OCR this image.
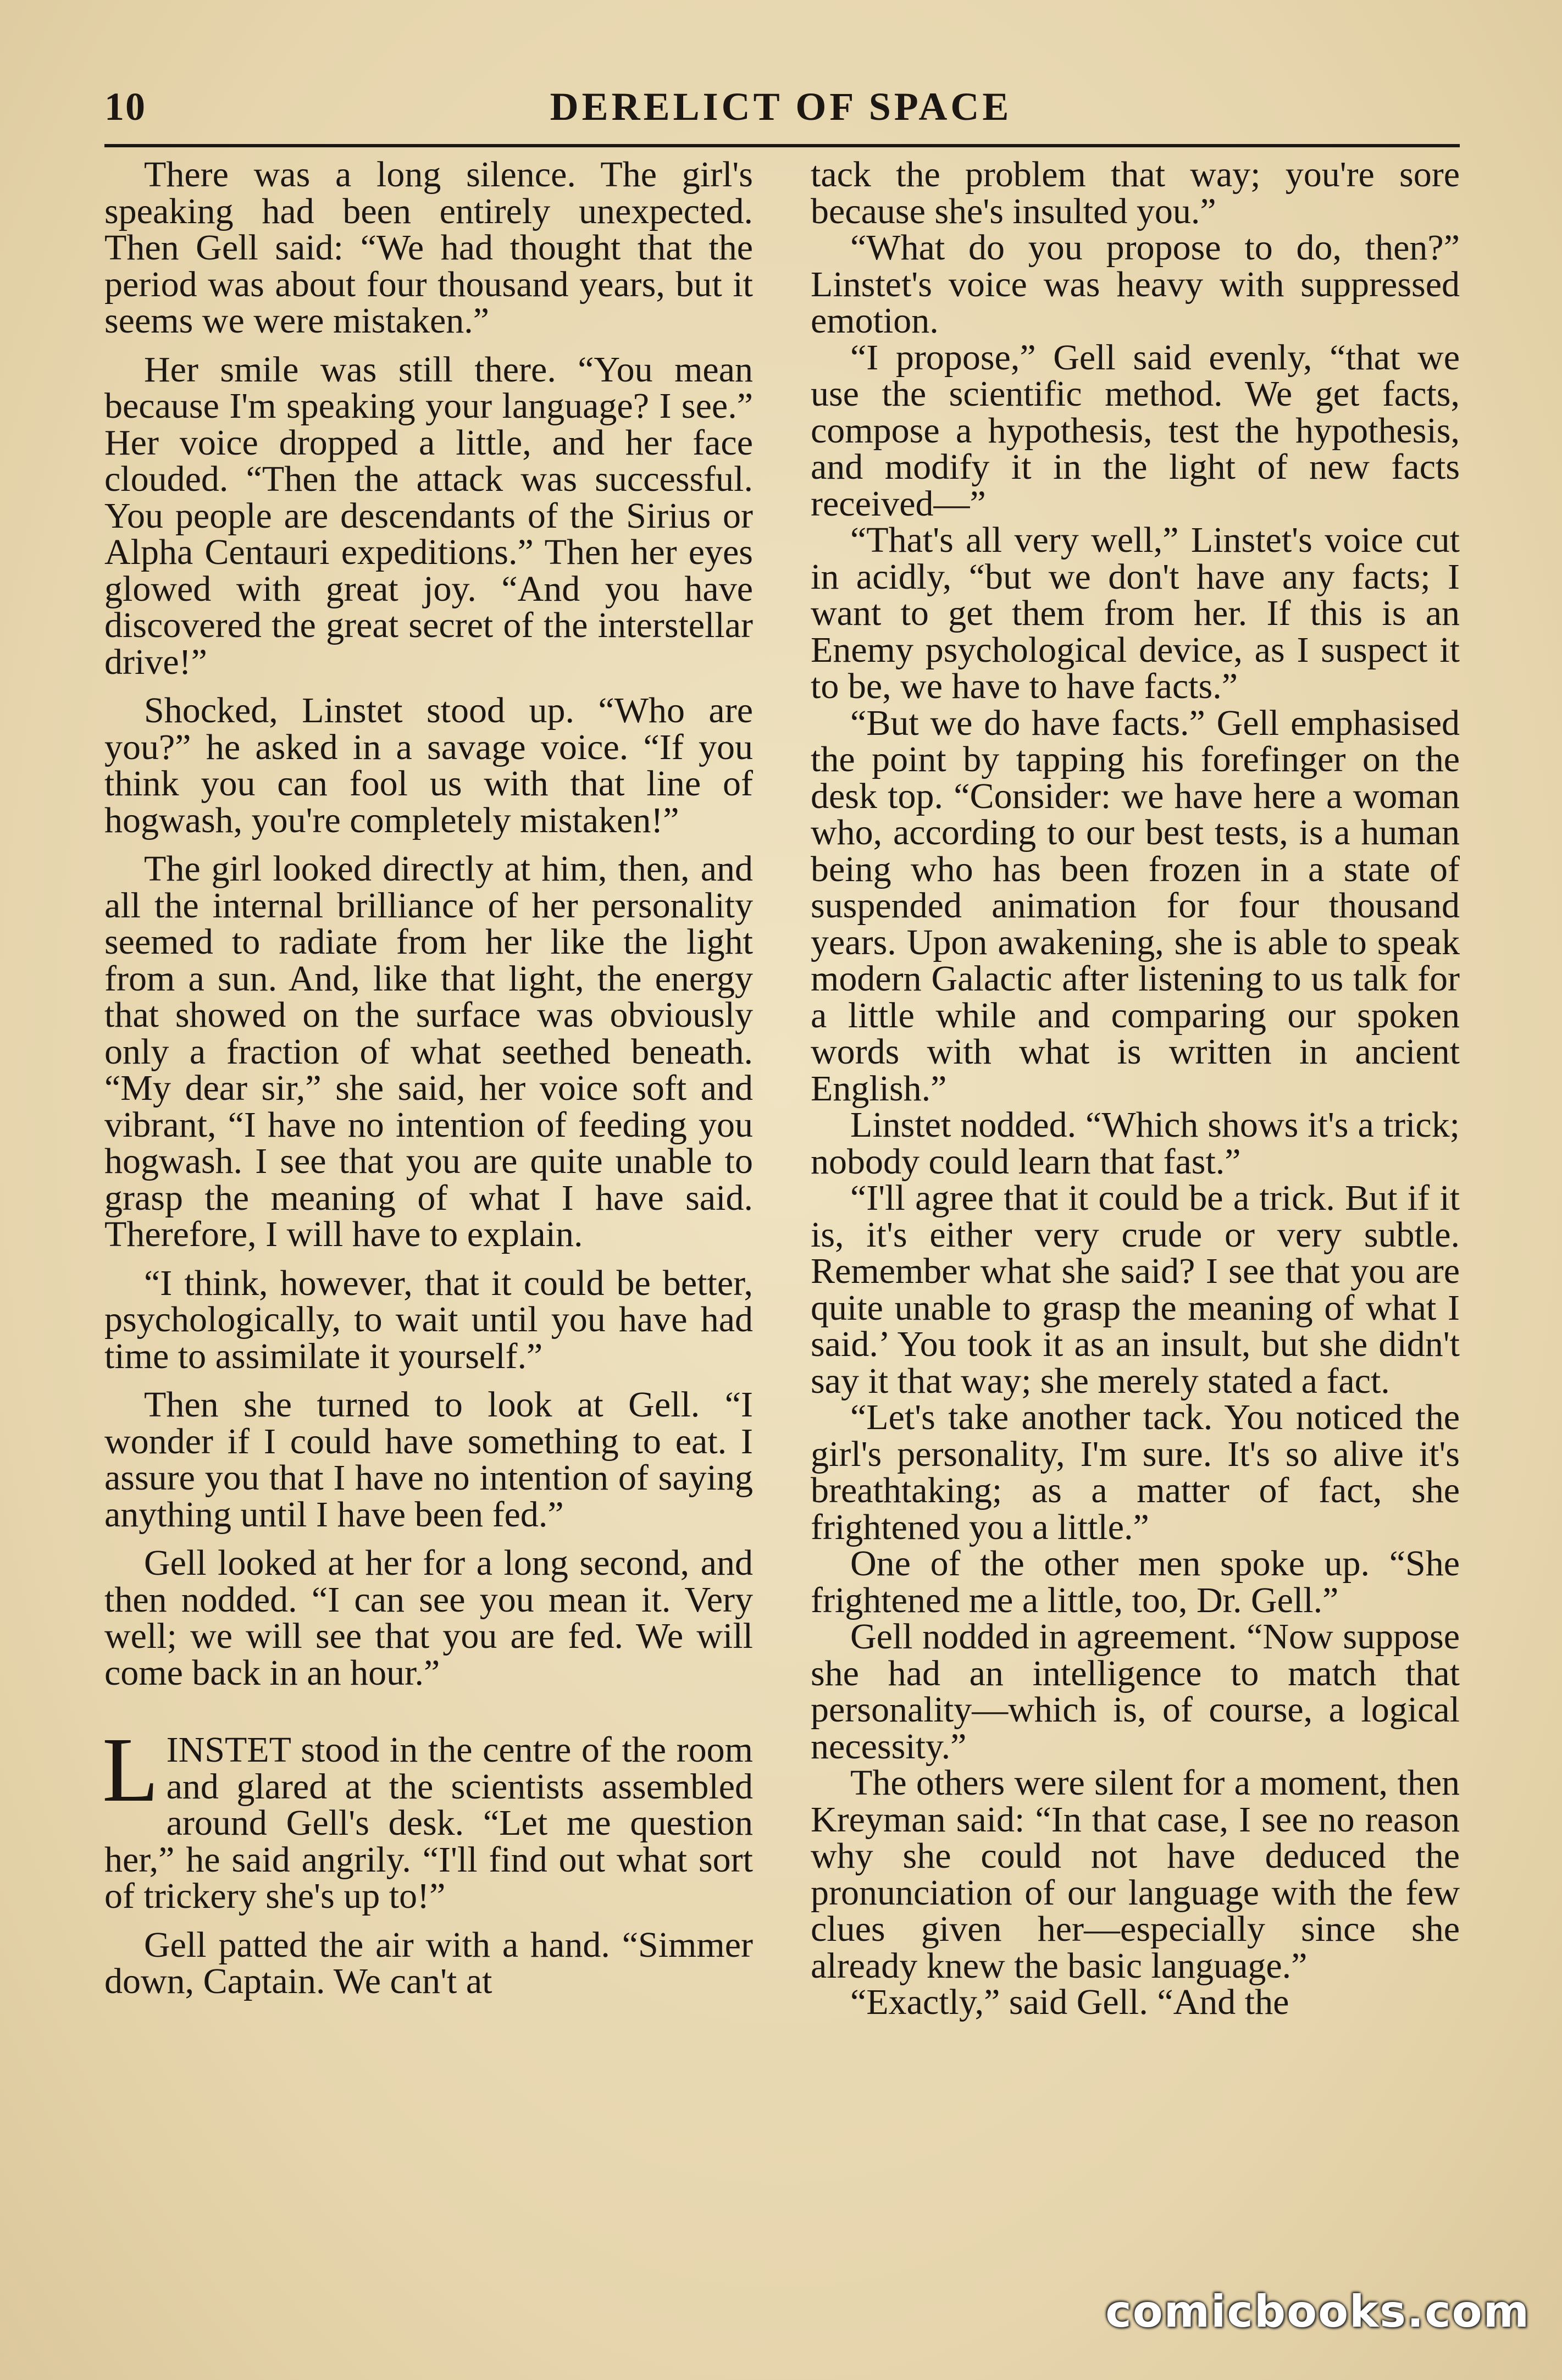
10	DERELICT OF SPACE

There was a long silence. The girl's speaking had been entirely unexpected. Then Gell said: “We had thought that the period was about four thousand years, but it seems we were mistaken.”

Her smile was still there. “You mean because I'm speaking your language? I see.” Her voice dropped a little, and her face clouded. “Then the attack was successful. You people are descendants of the Sirius or Alpha Centauri expeditions.” Then her eyes glowed with great joy. “And you have discovered the great secret of the interstellar drive!”

Shocked, Linstet stood up. “Who are you?” he asked in a savage voice. “If you think you can fool us with that line of hogwash, you're completely mistaken!”

The girl looked directly at him, then, and all the internal brilliance of her personality seemed to radiate from her like the light from a sun. And, like that light, the energy that showed on the surface was obviously only a fraction of what seethed beneath. “My dear sir,” she said, her voice soft and vibrant, “I have no intention of feeding you hogwash. I see that you are quite unable to grasp the meaning of what I have said. Therefore, I will have to explain.

“I think, however, that it could be better, psychologically, to wait until you have had time to assimilate it yourself.”

Then she turned to look at Gell. “I wonder if I could have something to eat. I assure you that I have no intention of saying anything until I have been fed.”

Gell looked at her for a long second, and then nodded. “I can see you mean it. Very well; we will see that you are fed. We will come back in an hour.”

LINSTET stood in the centre of the room and glared at the scientists assembled around Gell's desk. “Let me question her,” he said angrily. “I'll find out what sort of trickery she's up to!”

Gell patted the air with a hand. “Simmer down, Captain. We can't at

tack the problem that way; you're sore because she's insulted you.”

“What do you propose to do, then?” Linstet's voice was heavy with suppressed emotion.

“I propose,” Gell said evenly, “that we use the scientific method. We get facts, compose a hypothesis, test the hypothesis, and modify it in the light of new facts received—”

“That's all very well,” Linstet's voice cut in acidly, “but we don't have any facts; I want to get them from her. If this is an Enemy psychological device, as I suspect it to be, we have to have facts.”

“But we do have facts.” Gell emphasised the point by tapping his forefinger on the desk top. “Consider: we have here a woman who, according to our best tests, is a human being who has been frozen in a state of suspended animation for four thousand years. Upon awakening, she is able to speak modern Galactic after listening to us talk for a little while and comparing our spoken words with what is written in ancient English.”

Linstet nodded. “Which shows it's a trick; nobody could learn that fast.”

“I'll agree that it could be a trick. But if it is, it's either very crude or very subtle. Remember what she said? I see that you are quite unable to grasp the meaning of what I said.’ You took it as an insult, but she didn't say it that way; she merely stated a fact.

“Let's take another tack. You noticed the girl's personality, I'm sure. It's so alive it's breathtaking; as a matter of fact, she frightened you a little.”

One of the other men spoke up. “She frightened me a little, too, Dr. Gell.”

Gell nodded in agreement. “Now suppose she had an intelligence to match that personality—which is, of course, a logical necessity.”

The others were silent for a moment, then Kreyman said: “In that case, I see no reason why she could not have deduced the pronunciation of our language with the few clues given her—especially since she already knew the basic language.”

“Exactly,” said Gell. “And the

comicbooks.com
